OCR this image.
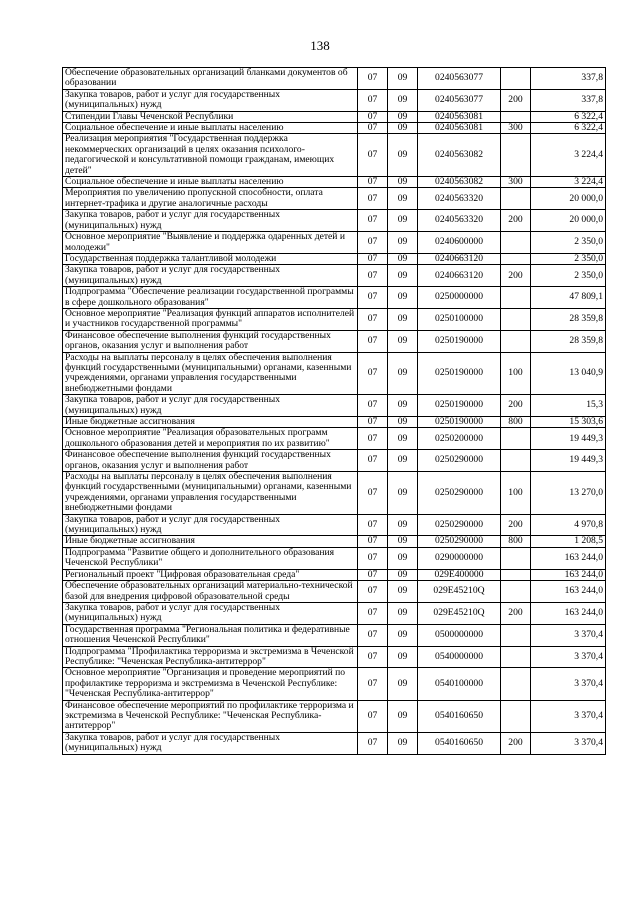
138
Обеспечение образовательных организаций бланками документов об образовании	07	09	0240563077		337,8
Закупка товаров, работ и услуг для государственных (муниципальных) нужд	07	09	0240563077	200	337,8
Стипендии Главы Чеченской Республики	07	09	0240563081		6 322,4
Социальное обеспечение и иные выплаты населению	07	09	0240563081	300	6 322,4
Реализация мероприятия "Государственная поддержка некоммерческих организаций в целях оказания психолого-педагогической и консультативной помощи гражданам, имеющих детей"	07	09	0240563082		3 224,4
Социальное обеспечение и иные выплаты населению	07	09	0240563082	300	3 224,4
Мероприятия по увеличению пропускной способности, оплата интернет-трафика и другие аналогичные расходы	07	09	0240563320		20 000,0
Закупка товаров, работ и услуг для государственных (муниципальных) нужд	07	09	0240563320	200	20 000,0
Основное мероприятие "Выявление и поддержка одаренных детей и молодежи"	07	09	0240600000		2 350,0
Государственная поддержка талантливой молодежи	07	09	0240663120		2 350,0
Закупка товаров, работ и услуг для государственных (муниципальных) нужд	07	09	0240663120	200	2 350,0
Подпрограмма "Обеспечение реализации государственной программы в сфере дошкольного образования"	07	09	0250000000		47 809,1
Основное мероприятие "Реализация функций аппаратов исполнителей и участников государственной программы"	07	09	0250100000		28 359,8
Финансовое обеспечение выполнения функций государственных органов, оказания услуг и выполнения работ	07	09	0250190000		28 359,8
Расходы на выплаты персоналу в целях обеспечения выполнения функций государственными (муниципальными) органами, казенными учреждениями, органами управления государственными внебюджетными фондами	07	09	0250190000	100	13 040,9
Закупка товаров, работ и услуг для государственных (муниципальных) нужд	07	09	0250190000	200	15,3
Иные бюджетные ассигнования	07	09	0250190000	800	15 303,6
Основное мероприятие "Реализация образовательных программ дошкольного образования детей и мероприятия по их развитию"	07	09	0250200000		19 449,3
Финансовое обеспечение выполнения функций государственных органов, оказания услуг и выполнения работ	07	09	0250290000		19 449,3
Расходы на выплаты персоналу в целях обеспечения выполнения функций государственными (муниципальными) органами, казенными учреждениями, органами управления государственными внебюджетными фондами	07	09	0250290000	100	13 270,0
Закупка товаров, работ и услуг для государственных (муниципальных) нужд	07	09	0250290000	200	4 970,8
Иные бюджетные ассигнования	07	09	0250290000	800	1 208,5
Подпрограмма "Развитие общего и дополнительного образования Чеченской Республики"	07	09	0290000000		163 244,0
Региональный проект "Цифровая образовательная среда"	07	09	029E400000		163 244,0
Обеспечение образовательных организаций материально-технической базой для внедрения цифровой образовательной среды	07	09	029E45210Q		163 244,0
Закупка товаров, работ и услуг для государственных (муниципальных) нужд	07	09	029E45210Q	200	163 244,0
Государственная программа "Региональная политика и федеративные отношения Чеченской Республики"	07	09	0500000000		3 370,4
Подпрограмма "Профилактика терроризма и экстремизма в Чеченской Республике: "Чеченская Республика-антитеррор"	07	09	0540000000		3 370,4
Основное мероприятие "Организация и проведение мероприятий по профилактике терроризма и экстремизма в Чеченской Республике: "Чеченская Республика-антитеррор"	07	09	0540100000		3 370,4
Финансовое обеспечение мероприятий по профилактике терроризма и экстремизма в Чеченской Республике: "Чеченская Республика-антитеррор"	07	09	0540160650		3 370,4
Закупка товаров, работ и услуг для государственных (муниципальных) нужд	07	09	0540160650	200	3 370,4
